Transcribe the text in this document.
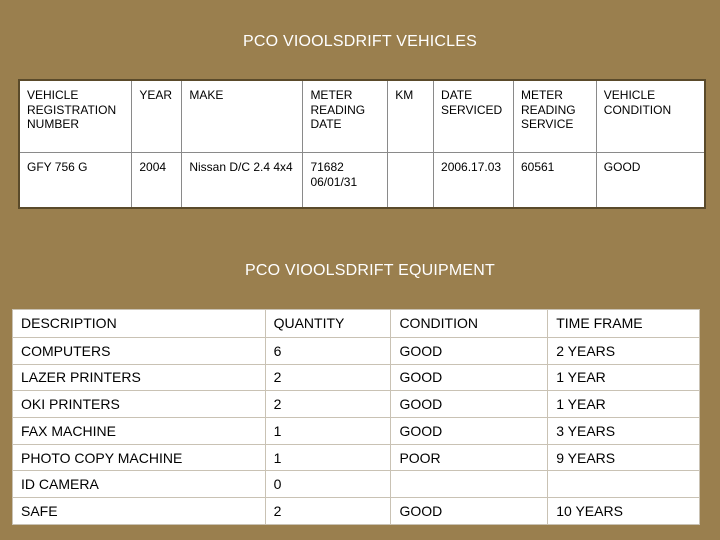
PCO VIOOLSDRIFT VEHICLES
VEHICLE REGISTRATION NUMBER	YEAR	MAKE	METER READING DATE	KM	DATE SERVICED	METER READING SERVICE	VEHICLE CONDITION
GFY 756 G	2004	Nissan D/C 2.4 4x4	71682 06/01/31		2006.17.03	60561	GOOD
PCO VIOOLSDRIFT EQUIPMENT
DESCRIPTION	QUANTITY	CONDITION	TIME FRAME
COMPUTERS	6	GOOD	2 YEARS
LAZER PRINTERS	2	GOOD	1 YEAR
OKI PRINTERS	2	GOOD	1 YEAR
FAX MACHINE	1	GOOD	3 YEARS
PHOTO COPY MACHINE	1	POOR	9 YEARS
ID CAMERA	0		
SAFE	2	GOOD	10 YEARS
NC	67
